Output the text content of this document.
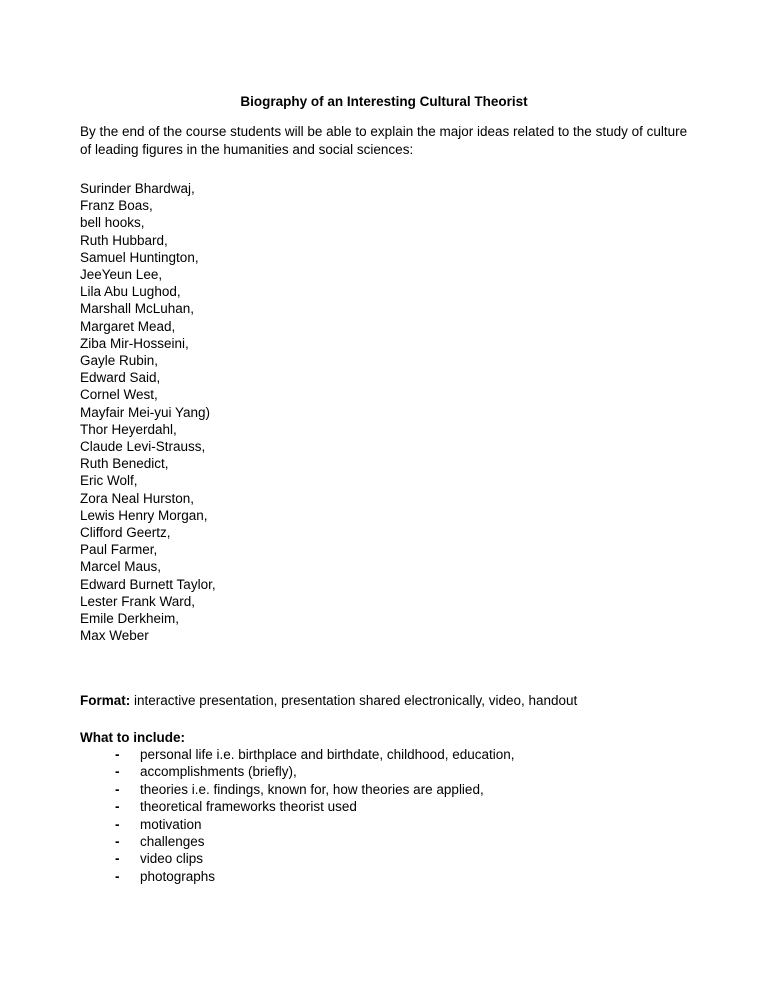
Biography of an Interesting Cultural Theorist
By the end of the course students will be able to explain the major ideas related to the study of culture of leading figures in the humanities and social sciences:
Surinder Bhardwaj,
Franz Boas,
bell hooks,
Ruth Hubbard,
Samuel Huntington,
JeeYeun Lee,
Lila Abu Lughod,
Marshall McLuhan,
Margaret Mead,
Ziba Mir-Hosseini,
Gayle Rubin,
Edward Said,
Cornel West,
Mayfair Mei-yui Yang)
Thor Heyerdahl,
Claude Levi-Strauss,
Ruth Benedict,
Eric Wolf,
Zora Neal Hurston,
Lewis Henry Morgan,
Clifford Geertz,
Paul Farmer,
Marcel Maus,
Edward Burnett Taylor,
Lester Frank Ward,
Emile Derkheim,
Max Weber
Format: interactive presentation, presentation shared electronically, video, handout
What to include:
- personal life i.e. birthplace and birthdate, childhood, education,
- accomplishments (briefly),
- theories i.e. findings, known for, how theories are applied,
- theoretical frameworks theorist used
- motivation
- challenges
- video clips
- photographs
